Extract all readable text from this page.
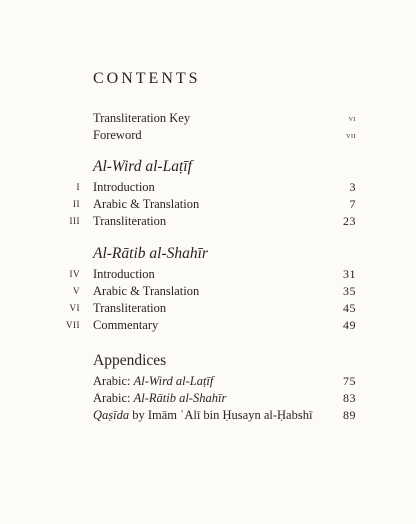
CONTENTS
Transliteration Key	vi
Foreword	vii
Al-Wird al-Laṭīf
I Introduction	3
II Arabic & Translation	7
III Transliteration	23
Al-Rātib al-Shahīr
IV Introduction	31
V Arabic & Translation	35
VI Transliteration	45
VII Commentary	49
Appendices
Arabic: Al-Wird al-Laṭīf	75
Arabic: Al-Rātib al-Shahīr	83
Qaṣīda by Imām ʿAlī bin Ḥusayn al-Ḥabshī	89
